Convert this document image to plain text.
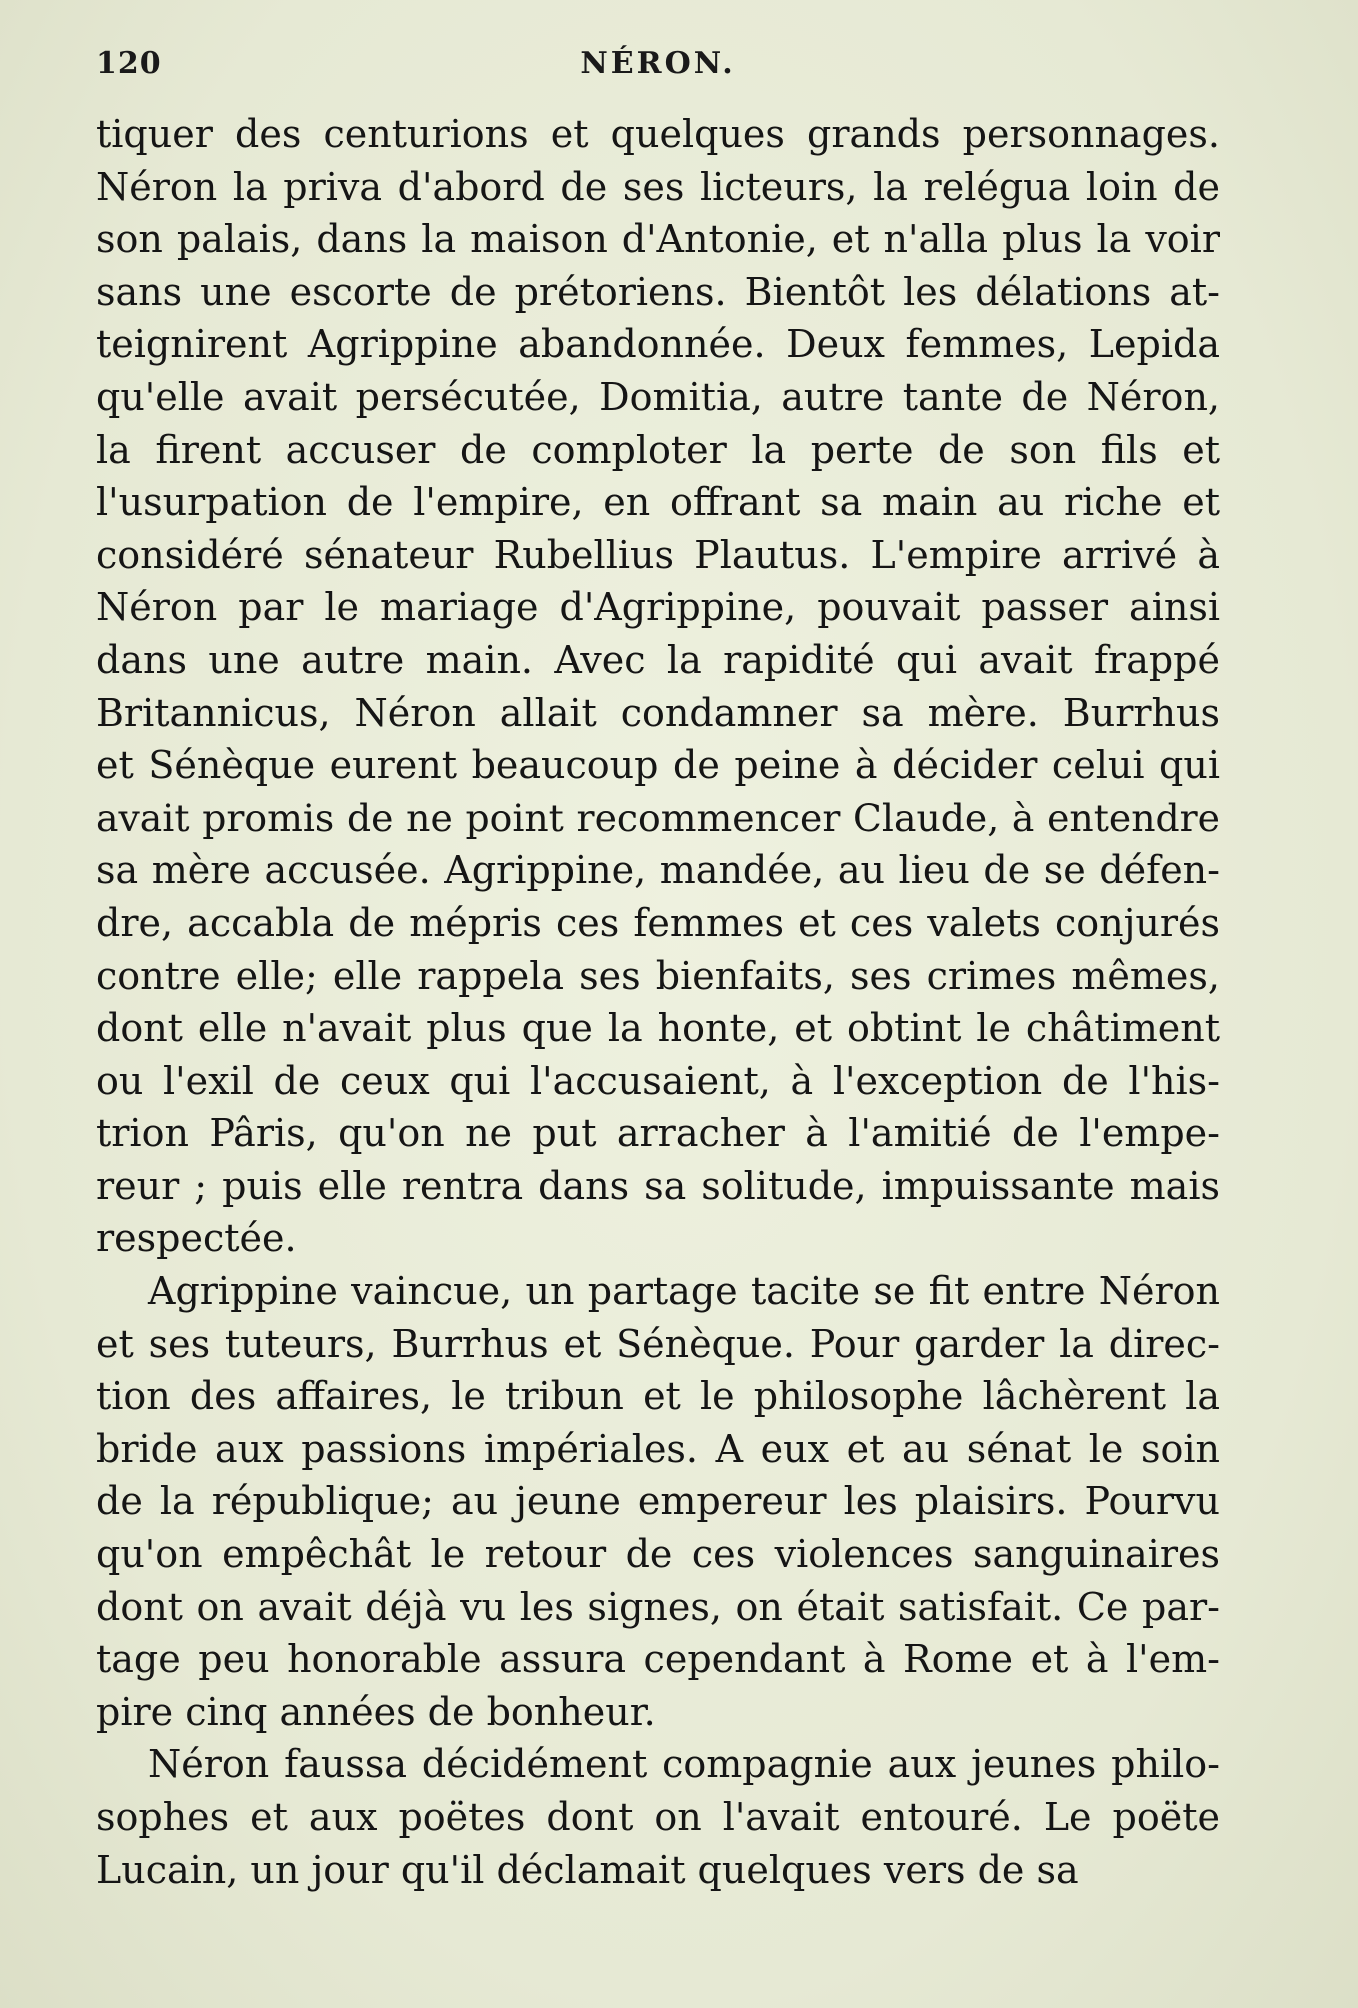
120	NÉRON.
tiquer des centurions et quelques grands personnages.
Néron la priva d'abord de ses licteurs, la relégua loin de
son palais, dans la maison d'Antonie, et n'alla plus la voir
sans une escorte de prétoriens. Bientôt les délations at-
teignirent Agrippine abandonnée. Deux femmes, Lepida
qu'elle avait persécutée, Domitia, autre tante de Néron,
la firent accuser de comploter la perte de son fils et
l'usurpation de l'empire, en offrant sa main au riche et
considéré sénateur Rubellius Plautus. L'empire arrivé à
Néron par le mariage d'Agrippine, pouvait passer ainsi
dans une autre main. Avec la rapidité qui avait frappé
Britannicus, Néron allait condamner sa mère. Burrhus
et Sénèque eurent beaucoup de peine à décider celui qui
avait promis de ne point recommencer Claude, à entendre
sa mère accusée. Agrippine, mandée, au lieu de se défen-
dre, accabla de mépris ces femmes et ces valets conjurés
contre elle; elle rappela ses bienfaits, ses crimes mêmes,
dont elle n'avait plus que la honte, et obtint le châtiment
ou l'exil de ceux qui l'accusaient, à l'exception de l'his-
trion Pâris, qu'on ne put arracher à l'amitié de l'empe-
reur ; puis elle rentra dans sa solitude, impuissante mais
respectée.
Agrippine vaincue, un partage tacite se fit entre Néron
et ses tuteurs, Burrhus et Sénèque. Pour garder la direc-
tion des affaires, le tribun et le philosophe lâchèrent la
bride aux passions impériales. A eux et au sénat le soin
de la république; au jeune empereur les plaisirs. Pourvu
qu'on empêchât le retour de ces violences sanguinaires
dont on avait déjà vu les signes, on était satisfait. Ce par-
tage peu honorable assura cependant à Rome et à l'em-
pire cinq années de bonheur.
Néron faussa décidément compagnie aux jeunes philo-
sophes et aux poëtes dont on l'avait entouré. Le poëte
Lucain, un jour qu'il déclamait quelques vers de sa
